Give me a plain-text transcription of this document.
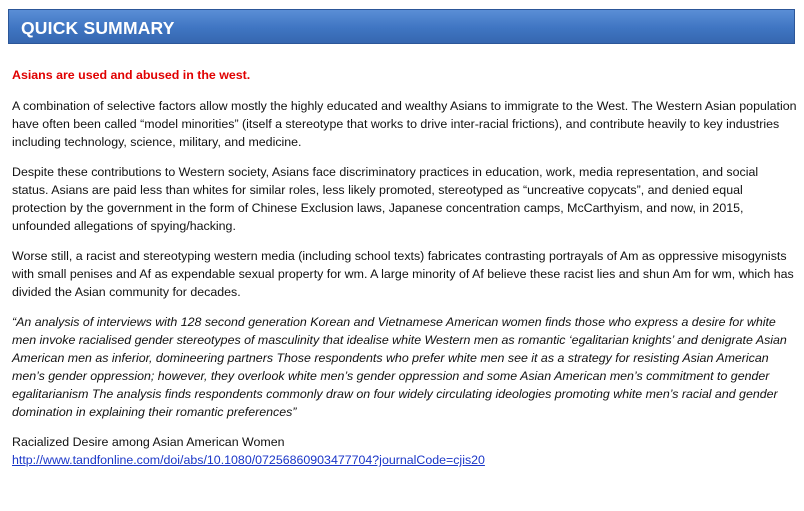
QUICK SUMMARY

Asians are used and abused in the west.

A combination of selective factors allow mostly the highly educated and wealthy Asians to immigrate to the West. The Western Asian population have often been called “model minorities” (itself a stereotype that works to drive inter-racial frictions), and contribute heavily to key industries including technology, science, military, and medicine.

Despite these contributions to Western society, Asians face discriminatory practices in education, work, media representation, and social status. Asians are paid less than whites for similar roles, less likely promoted, stereotyped as “uncreative copycats”, and denied equal protection by the government in the form of Chinese Exclusion laws, Japanese concentration camps, McCarthyism, and now, in 2015, unfounded allegations of spying/hacking.

Worse still, a racist and stereotyping western media (including school texts) fabricates contrasting portrayals of Am as oppressive misogynists with small penises and Af as expendable sexual property for wm. A large minority of Af believe these racist lies and shun Am for wm, which has divided the Asian community for decades.

“An analysis of interviews with 128 second generation Korean and Vietnamese American women finds those who express a desire for white men invoke racialised gender stereotypes of masculinity that idealise white Western men as romantic ‘egalitarian knights’ and denigrate Asian American men as inferior, domineering partners Those respondents who prefer white men see it as a strategy for resisting Asian American men’s gender oppression; however, they overlook white men’s gender oppression and some Asian American men’s commitment to gender egalitarianism The analysis finds respondents commonly draw on four widely circulating ideologies promoting white men’s racial and gender domination in explaining their romantic preferences”

Racialized Desire among Asian American Women

http://www.tandfonline.com/doi/abs/10.1080/07256860903477704?journalCode=cjis20
